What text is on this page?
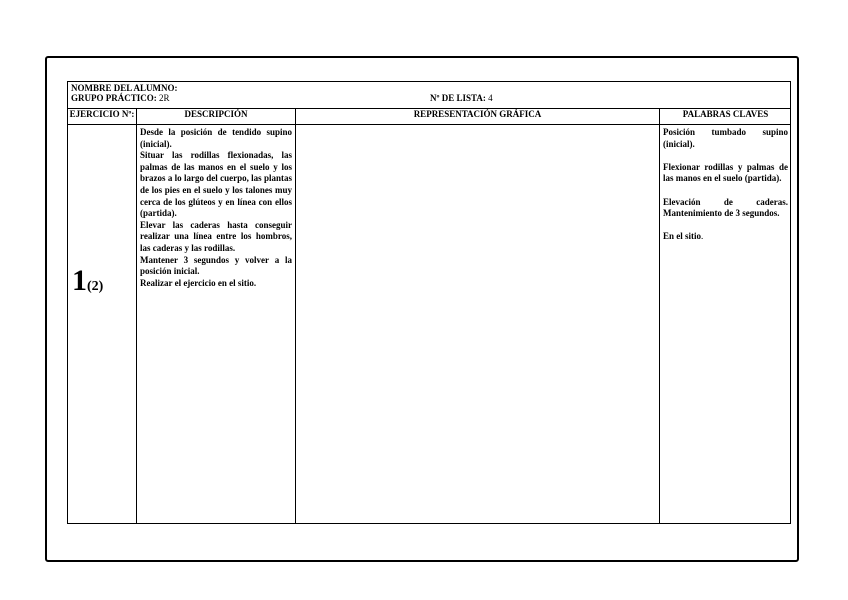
NOMBRE DEL ALUMNO:
GRUPO PRÁCTICO: 2R	Nº DE LISTA: 4
EJERCICIO Nº:
1(2)
DESCRIPCIÓN

Desde la posición de tendido supino (inicial).

Situar las rodillas flexionadas, las palmas de las manos en el suelo y los brazos a lo largo del cuerpo, las plantas de los pies en el suelo y los talones muy cerca de los glúteos y en línea con ellos (partida).

Elevar las caderas hasta conseguir realizar una línea entre los hombros, las caderas y las rodillas.

Mantener 3 segundos y volver a la posición inicial.

Realizar el ejercicio en el sitio.

REPRESENTACIÓN GRÁFICA	PALABRAS CLAVES

Posición tumbado supino (inicial).

Flexionar rodillas y palmas de las manos en el suelo (partida).

Elevación de caderas. Mantenimiento de 3 segundos.

En el sitio.
